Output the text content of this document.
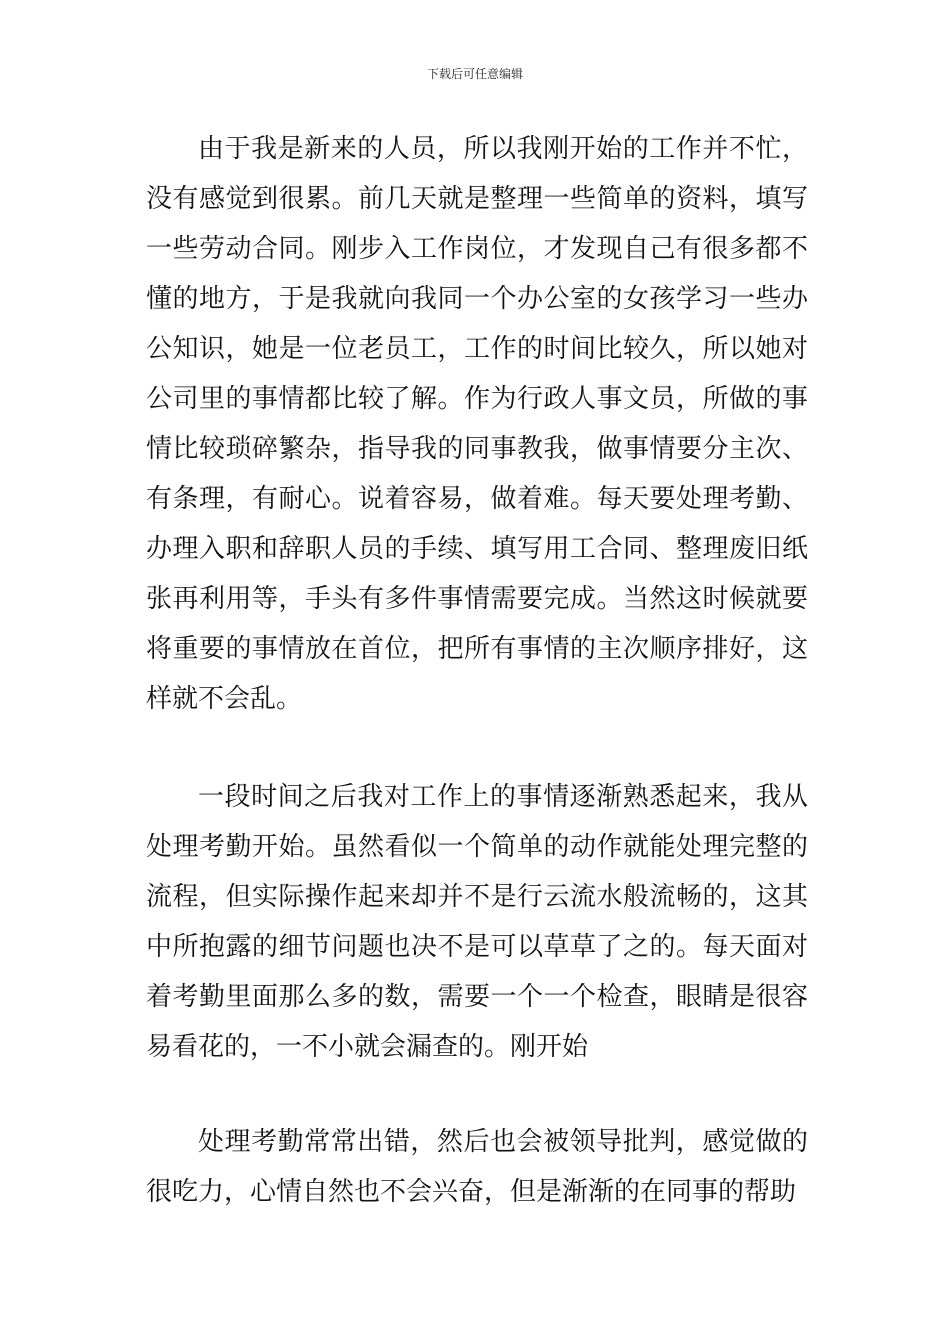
下载后可任意编辑

由于我是新来的人员，所以我刚开始的工作并不忙，没有感觉到很累。前几天就是整理一些简单的资料，填写一些劳动合同。刚步入工作岗位，才发现自己有很多都不懂的地方，于是我就向我同一个办公室的女孩学习一些办公知识，她是一位老员工，工作的时间比较久，所以她对公司里的事情都比较了解。作为行政人事文员，所做的事情比较琐碎繁杂，指导我的同事教我，做事情要分主次、有条理，有耐心。说着容易，做着难。每天要处理考勤、办理入职和辞职人员的手续、填写用工合同、整理废旧纸张再利用等，手头有多件事情需要完成。当然这时候就要将重要的事情放在首位，把所有事情的主次顺序排好，这样就不会乱。

一段时间之后我对工作上的事情逐渐熟悉起来，我从处理考勤开始。虽然看似一个简单的动作就能处理完整的流程，但实际操作起来却并不是行云流水般流畅的，这其中所抱露的细节问题也决不是可以草草了之的。每天面对着考勤里面那么多的数，需要一个一个检查，眼睛是很容易看花的，一不小就会漏查的。刚开始

处理考勤常常出错，然后也会被领导批判，感觉做的很吃力，心情自然也不会兴奋，但是渐渐的在同事的帮助
